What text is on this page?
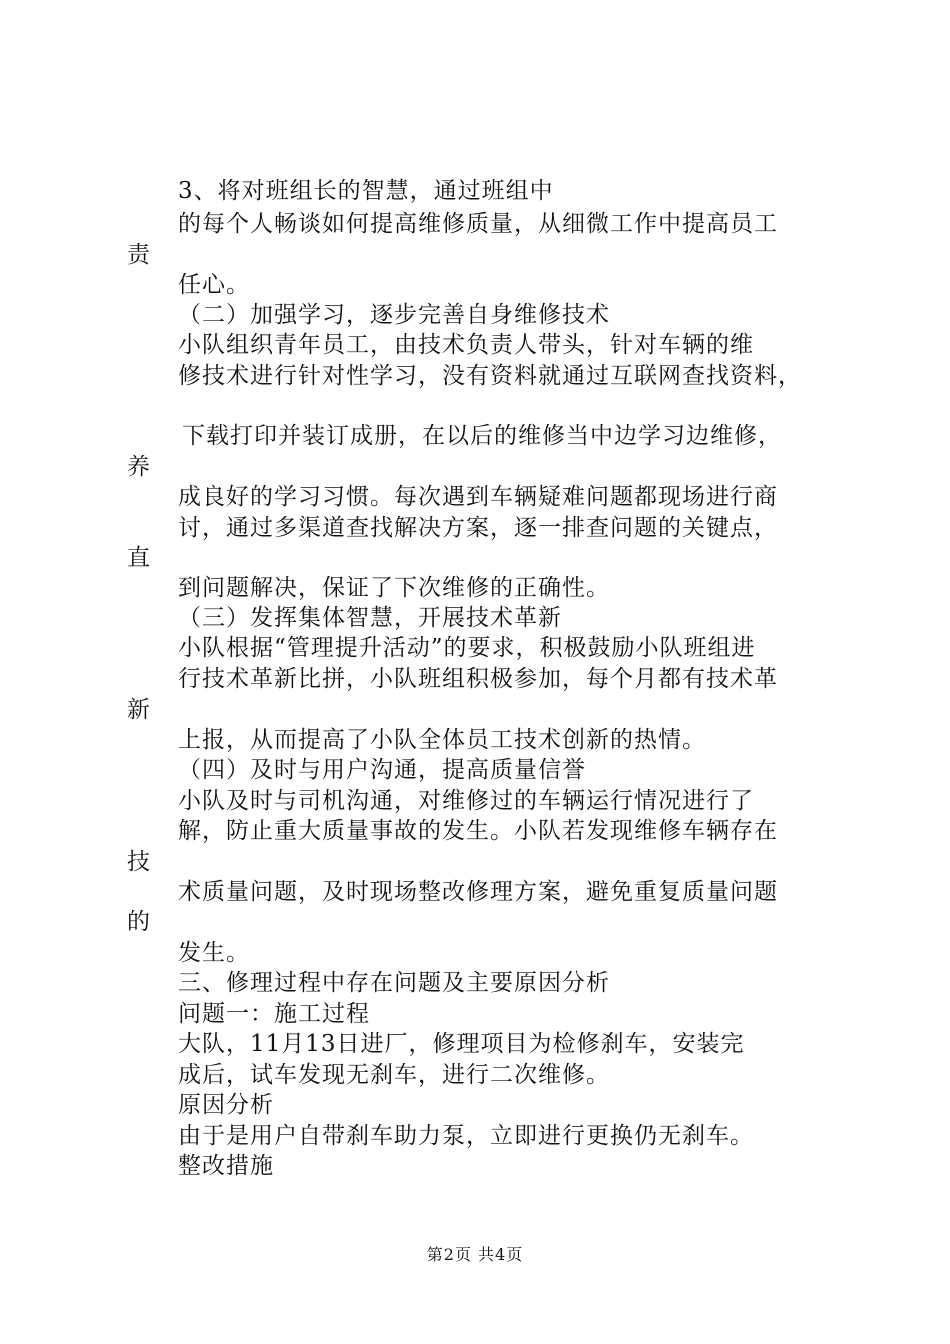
3、将对班组长的智慧，通过班组中
的每个人畅谈如何提高维修质量，从细微工作中提高员工
责
任心。
（二）加强学习，逐步完善自身维修技术
小队组织青年员工，由技术负责人带头，针对车辆的维
修技术进行针对性学习，没有资料就通过互联网查找资料，
下载打印并装订成册，在以后的维修当中边学习边维修，
养
成良好的学习习惯。每次遇到车辆疑难问题都现场进行商
讨，通过多渠道查找解决方案，逐一排查问题的关键点，
直
到问题解决，保证了下次维修的正确性。
（三）发挥集体智慧，开展技术革新
小队根据“管理提升活动”的要求，积极鼓励小队班组进
行技术革新比拼，小队班组积极参加，每个月都有技术革
新
上报，从而提高了小队全体员工技术创新的热情。
（四）及时与用户沟通，提高质量信誉
小队及时与司机沟通，对维修过的车辆运行情况进行了
解，防止重大质量事故的发生。小队若发现维修车辆存在
技
术质量问题，及时现场整改修理方案，避免重复质量问题
的
发生。
三、修理过程中存在问题及主要原因分析
问题一：施工过程
大队，11月13日进厂，修理项目为检修刹车，安装完
成后，试车发现无刹车，进行二次维修。
原因分析
由于是用户自带刹车助力泵，立即进行更换仍无刹车。
整改措施
第2页 共4页
